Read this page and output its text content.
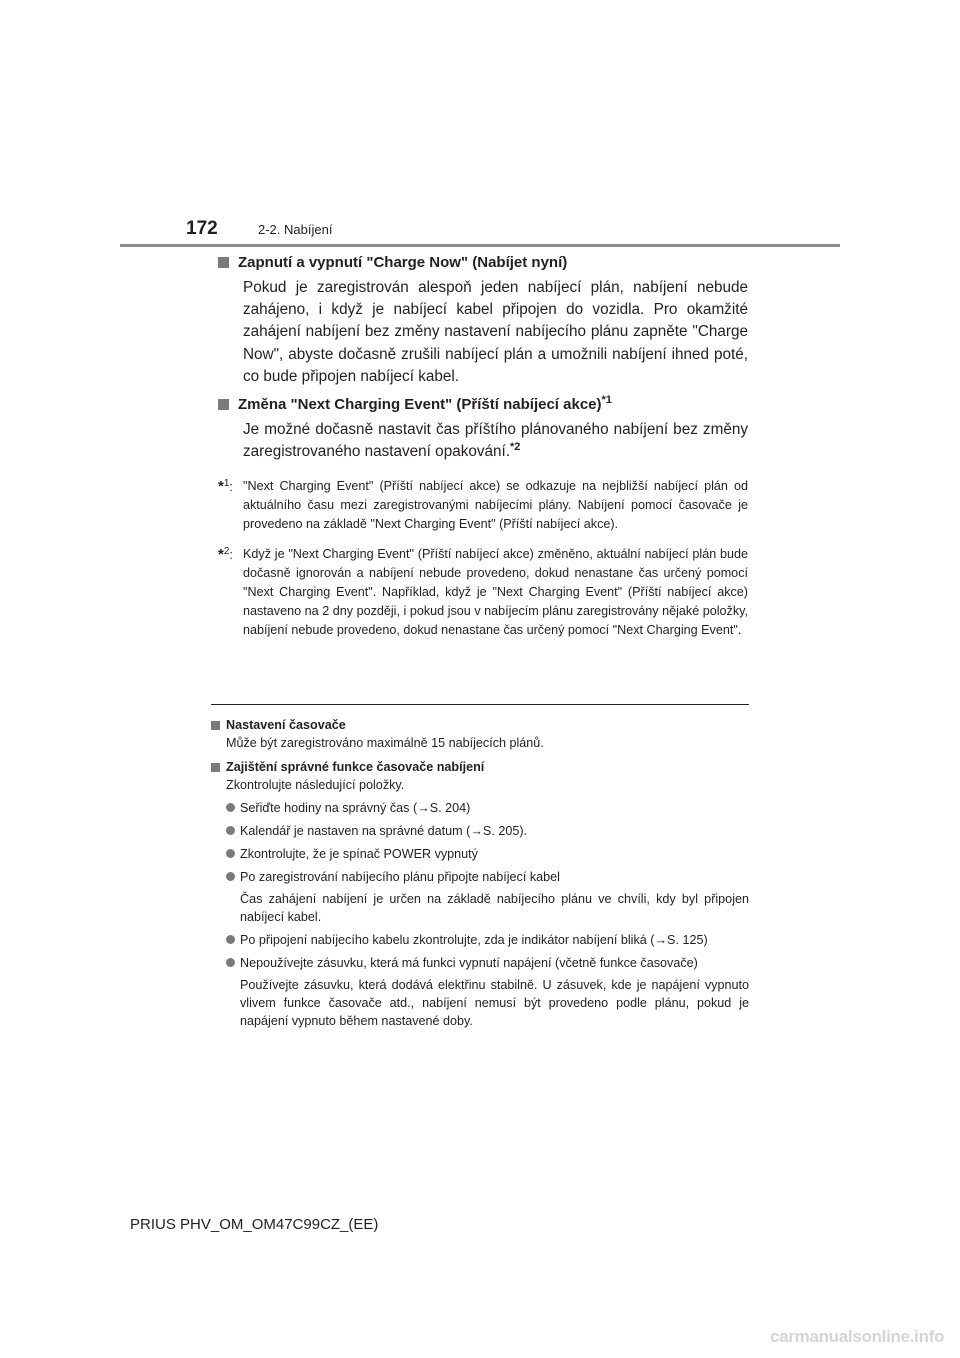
172	2-2. Nabíjení

Zapnutí a vypnutí "Charge Now" (Nabíjet nyní)

Pokud je zaregistrován alespoň jeden nabíjecí plán, nabíjení nebude zahájeno, i když je nabíjecí kabel připojen do vozidla. Pro okamžité zahájení nabíjení bez změny nastavení nabíjecího plánu zapněte "Charge Now", abyste dočasně zrušili nabíjecí plán a umožnili nabíjení ihned poté, co bude připojen nabíjecí kabel.

Změna "Next Charging Event" (Příští nabíjecí akce)$^{*1}$

Je možné dočasně nastavit čas příštího plánovaného nabíjení bez změny zaregistrovaného nastavení opakování.$^{*2}$

*$^1$: "Next Charging Event" (Příští nabíjecí akce) se odkazuje na nejbližší nabíjecí plán od aktuálního času mezi zaregistrovanými nabíjecími plány. Nabíjení pomocí časovače je provedeno na základě "Next Charging Event" (Příští nabíjecí akce).
*$^2$: Když je "Next Charging Event" (Příští nabíjecí akce) změněno, aktuální nabíjecí plán bude dočasně ignorován a nabíjení nebude provedeno, dokud nenastane čas určený pomocí "Next Charging Event". Například, když je "Next Charging Event" (Příští nabíjecí akce) nastaveno na 2 dny později, i pokud jsou v nabíjecím plánu zaregistrovány nějaké položky, nabíjení nebude provedeno, dokud nenastane čas určený pomocí "Next Charging Event".
Nastavení časovače
Může být zaregistrováno maximálně 15 nabíjecích plánů.
Zajištění správné funkce časovače nabíjení
Zkontrolujte následující položky.
Seřiďte hodiny na správný čas (→S. 204)
Kalendář je nastaven na správné datum (→S. 205).
Zkontrolujte, že je spínač POWER vypnutý
Po zaregistrování nabíjecího plánu připojte nabíjecí kabel
Čas zahájení nabíjení je určen na základě nabíjecího plánu ve chvíli, kdy byl připojen nabíjecí kabel.
Po připojení nabíjecího kabelu zkontrolujte, zda je indikátor nabíjení bliká (→S. 125)
Nepoužívejte zásuvku, která má funkci vypnutí napájení (včetně funkce časovače)
Používejte zásuvku, která dodává elektřinu stabilně. U zásuvek, kde je napájení vypnuto vlivem funkce časovače atd., nabíjení nemusí být provedeno podle plánu, pokud je napájení vypnuto během nastavené doby.
PRIUS PHV_OM_OM47C99CZ_(EE)
carmanualsonline.info
